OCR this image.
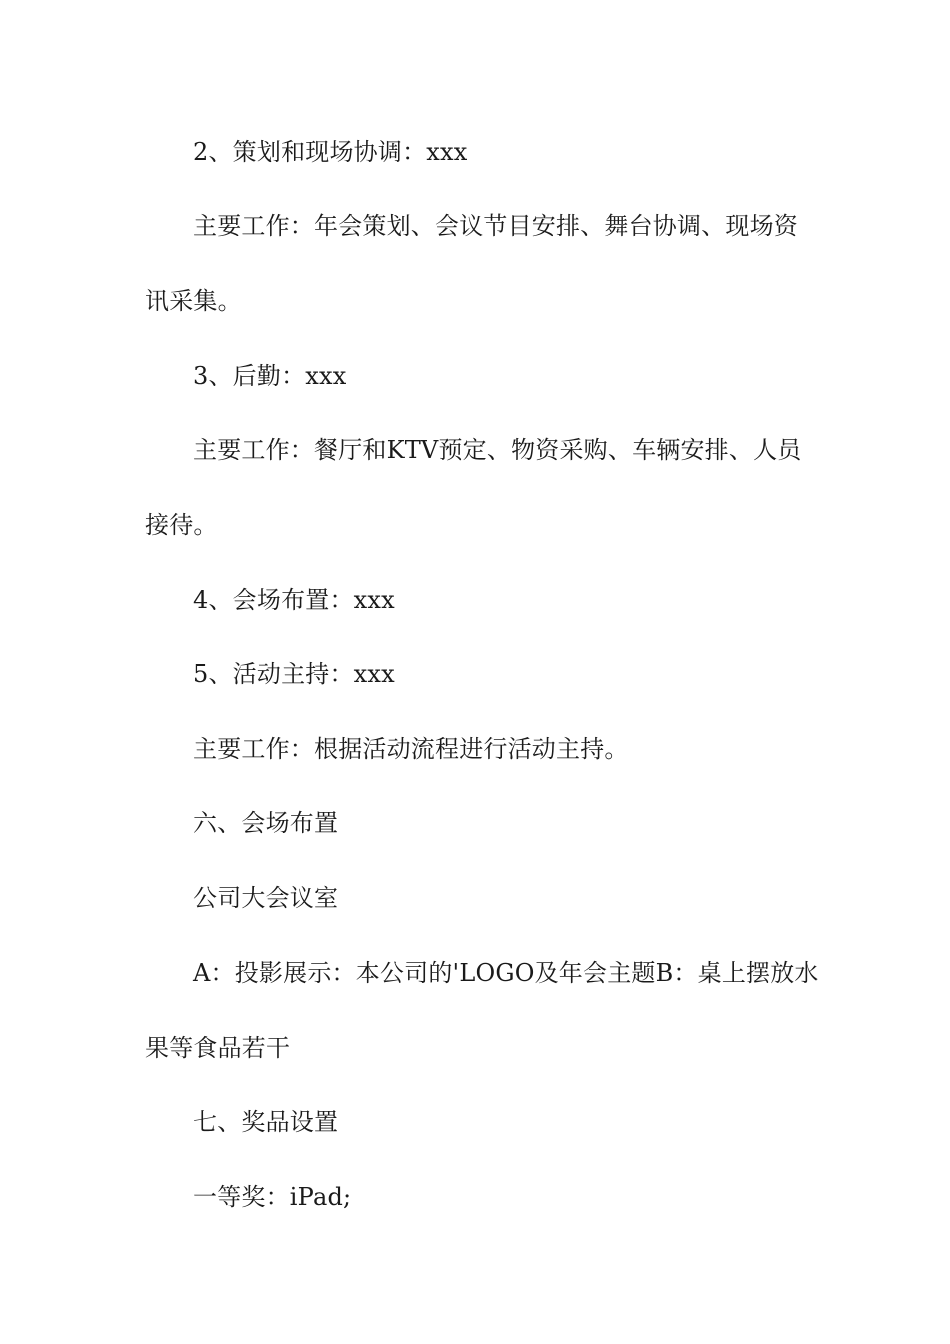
2、策划和现场协调：xxx
主要工作：年会策划、会议节目安排、舞台协调、现场资
讯采集。
3、后勤：xxx
主要工作：餐厅和KTV预定、物资采购、车辆安排、人员
接待。
4、会场布置：xxx
5、活动主持：xxx
主要工作：根据活动流程进行活动主持。
六、会场布置
公司大会议室
A：投影展示：本公司的'LOGO及年会主题B：桌上摆放水
果等食品若干
七、奖品设置
一等奖：iPad;
